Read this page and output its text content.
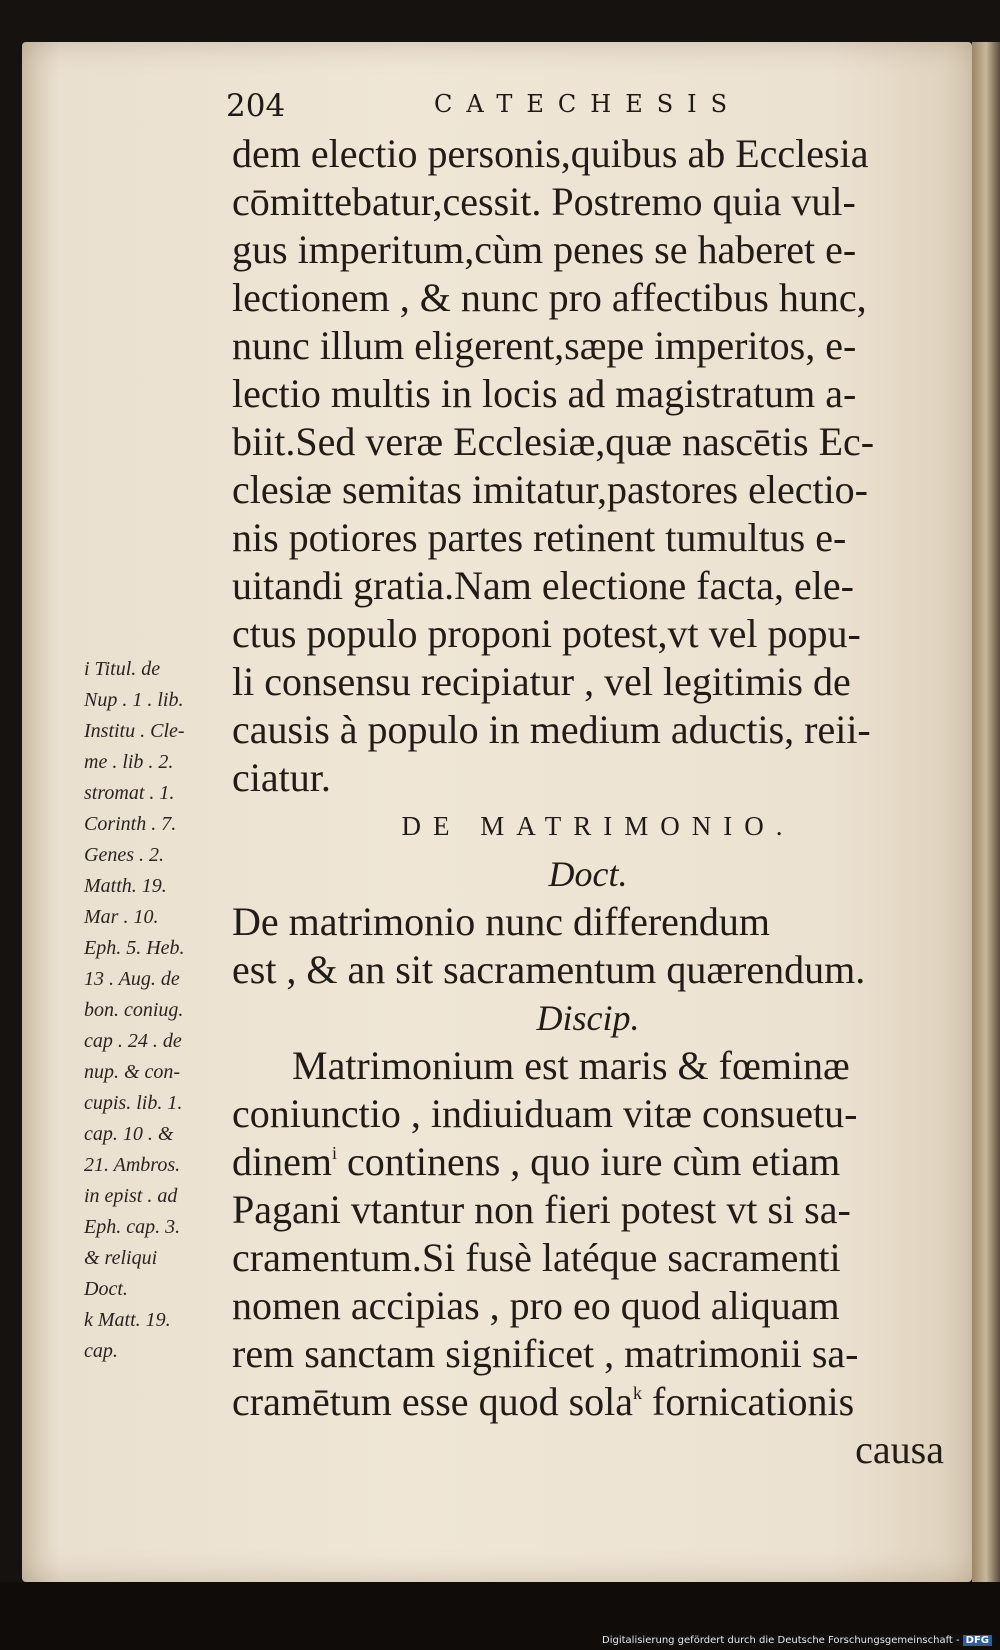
204	CATECHESIS
dem electio personis,quibus ab Ecclesia
cōmittebatur,cessit. Postremo quia vul-
gus imperitum,cùm penes se haberet e-
lectionem , & nunc pro affectibus hunc,
nunc illum eligerent,sæpe imperitos, e-
lectio multis in locis ad magistratum a-
biit.Sed veræ Ecclesiæ,quæ nascētis Ec-
clesiæ semitas imitatur,pastores electio-
nis potiores partes retinent tumultus e-
uitandi gratia.Nam electione facta, ele-
ctus populo proponi potest,vt vel popu-
li consensu recipiatur , vel legitimis de
causis à populo in medium aductis, reii-
ciatur.
DE MATRIMONIO.
Doct.
De matrimonio nunc differendum
est , & an sit sacramentum quærendum.
Discip.
Matrimonium est maris & fœminæ
coniunctio , indiuiduam vitæ consuetu-
dinem$^i$ continens , quo iure cùm etiam
Pagani vtantur non fieri potest vt si sa-
cramentum.Si fusè latéque sacramenti
nomen accipias , pro eo quod aliquam
rem sanctam significet , matrimonii sa-
cramētum esse quod sola$^k$ fornicationis
causa
i Titul. de
Nup . 1 . lib.
Institu . Cle-
me . lib . 2.
stromat . 1.
Corinth . 7.
Genes . 2.
Matth. 19.
Mar . 10.
Eph. 5. Heb.
13 . Aug. de
bon. coniug.
cap . 24 . de
nup. & con-
cupis. lib. 1.
cap. 10 . &
21. Ambros.
in epist . ad
Eph. cap. 3.
& reliqui
Doct.
k Matt. 19.
cap.
Digitalisierung gefördert durch die Deutsche Forschungsgemeinschaft - DFG
